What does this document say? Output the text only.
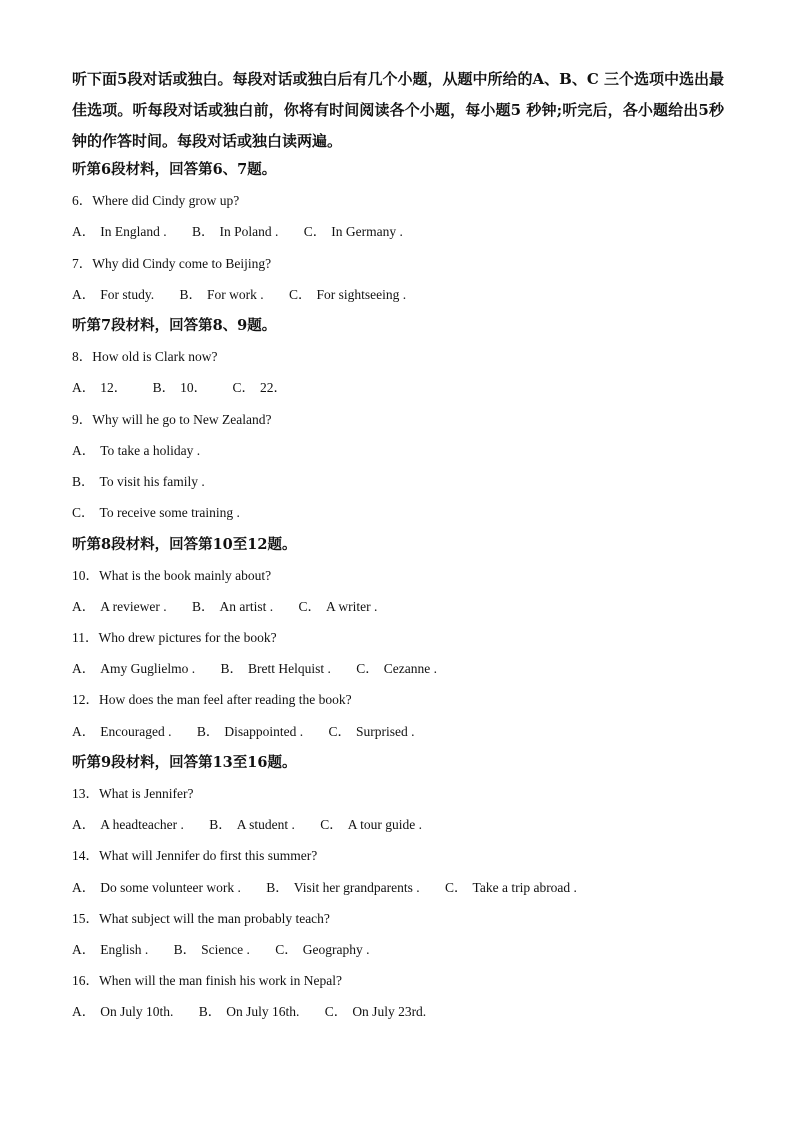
听下面5段对话或独白。每段对话或独白后有几个小题，从题中所给的A、B、C 三个选项中选出最佳选项。听每段对话或独白前，你将有时间阅读各个小题，每小题5 秒钟;听完后，各小题给出5秒钟的作答时间。每段对话或独白读两遍。
听第6段材料，回答第6、7题。
6．Where did Cindy grow up?
A． In England . B． In Poland . C． In Germany .
7．Why did Cindy come to Beijing?
A． For study. B． For work . C． For sightseeing .
听第7段材料，回答第8、9题。
8．How old is Clark now?
A． 12． B． 10． C． 22．
9．Why will he go to New Zealand?
A． To take a holiday .
B． To visit his family .
C． To receive some training .
听第8段材料，回答第10至12题。
10．What is the book mainly about?
A． A reviewer . B． An artist . C． A writer .
11．Who drew pictures for the book?
A． Amy Guglielmo . B． Brett Helquist . C． Cezanne .
12．How does the man feel after reading the book?
A． Encouraged . B． Disappointed . C． Surprised .
听第9段材料，回答第13至16题。
13．What is Jennifer?
A． A headteacher . B． A student . C． A tour guide .
14．What will Jennifer do first this summer?
A． Do some volunteer work . B． Visit her grandparents . C． Take a trip abroad .
15．What subject will the man probably teach?
A． English . B． Science . C． Geography .
16．When will the man finish his work in Nepal?
A． On July 10th. B． On July 16th. C． On July 23rd.
